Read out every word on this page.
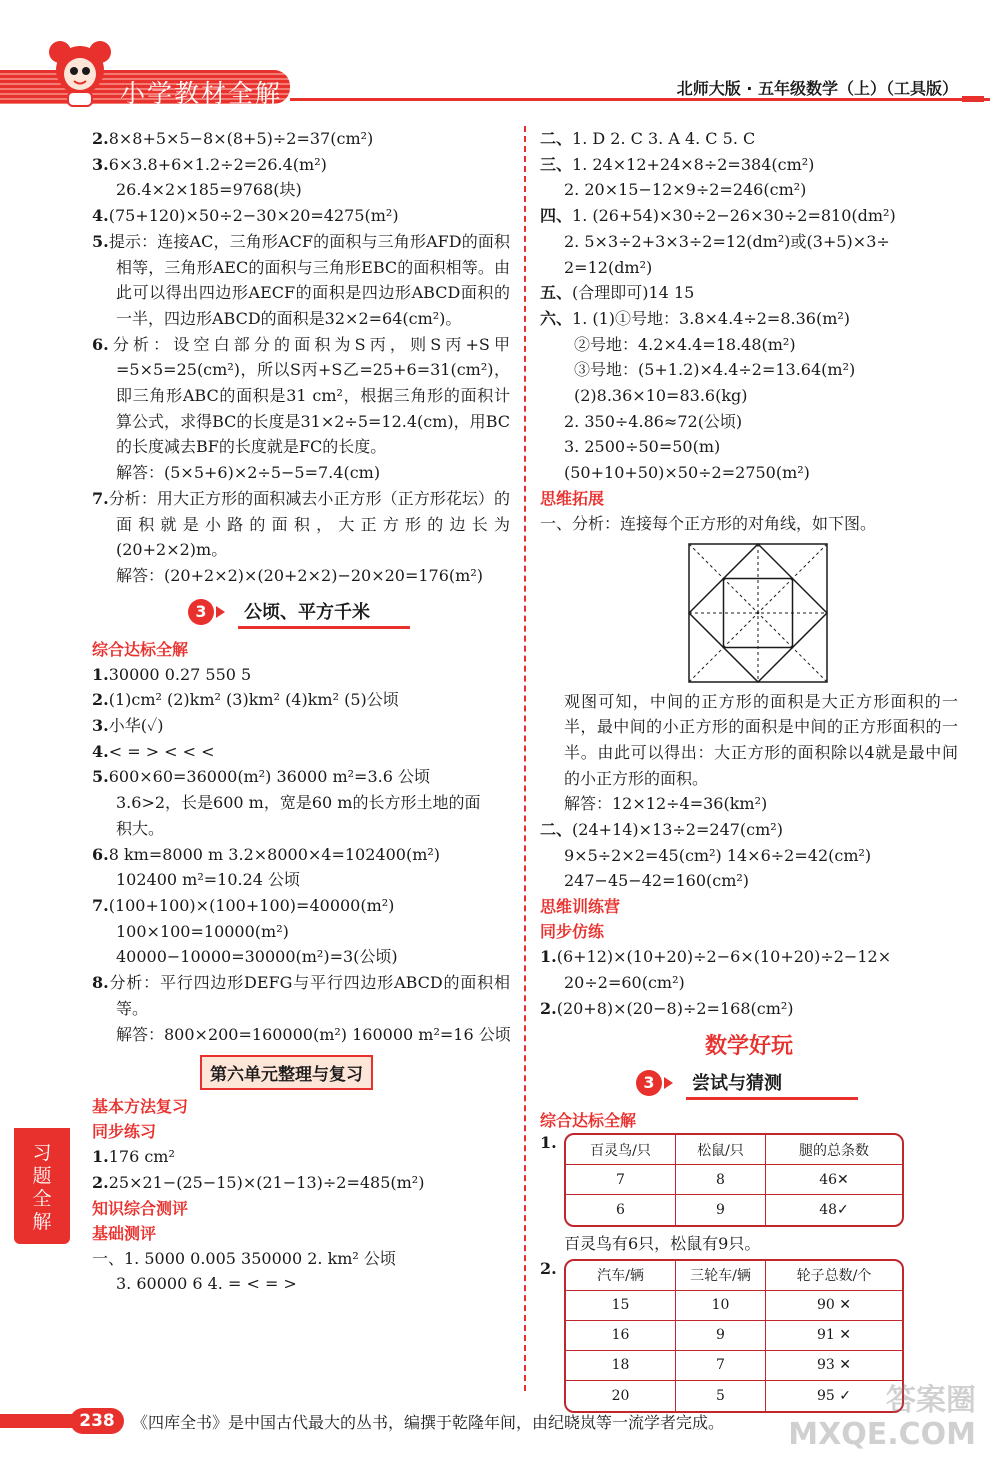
小学教材全解	北师大版 · 五年级数学（上）（工具版）
2.8×8+5×5−8×(8+5)÷2=37(cm²)
3.6×3.8+6×1.2÷2=26.4(m²)
26.4×2×185=9768(块)
4.(75+120)×50÷2−30×20=4275(m²)
5.提示：连接AC，三角形ACF的面积与三角形AFD的面积相等，三角形AEC的面积与三角形EBC的面积相等。由此可以得出四边形AECF的面积是四边形ABCD面积的一半，四边形ABCD的面积是32×2=64(cm²)。
6.分析：设空白部分的面积为S丙，则S丙+S甲=5×5=25(cm²)，所以S丙+S乙=25+6=31(cm²)，即三角形ABC的面积是31 cm²，根据三角形的面积计算公式，求得BC的长度是31×2÷5=12.4(cm)，用BC的长度减去BF的长度就是FC的长度。
解答：(5×5+6)×2÷5−5=7.4(cm)
7.分析：用大正方形的面积减去小正方形（正方形花坛）的面积就是小路的面积，大正方形的边长为(20+2×2)m。
解答：(20+2×2)×(20+2×2)−20×20=176(m²)
3	公顷、平方千米
综合达标全解
1.30000 0.27 550 5
2.(1)cm² (2)km² (3)km² (4)km² (5)公顷
3.小华(✓)
4.< = > < < <
5.600×60=36000(m²) 36000 m²=3.6 公顷
3.6>2，长是600 m，宽是60 m的长方形土地的面
积大。
6.8 km=8000 m 3.2×8000×4=102400(m²)
102400 m²=10.24 公顷
7.(100+100)×(100+100)=40000(m²)
100×100=10000(m²)
40000−10000=30000(m²)=3(公顷)
8.分析：平行四边形DEFG与平行四边形ABCD的面积相等。
解答：800×200=160000(m²) 160000 m²=16 公顷
第六单元整理与复习
基本方法复习
同步练习
1.176 cm²
2.25×21−(25−15)×(21−13)÷2=485(m²)
知识综合测评
基础测评
一、1. 5000 0.005 350000 2. km² 公顷
3. 60000 6 4. = < = >
二、1. D 2. C 3. A 4. C 5. C
三、1. 24×12+24×8÷2=384(cm²)
2. 20×15−12×9÷2=246(cm²)
四、1. (26+54)×30÷2−26×30÷2=810(dm²)
2. 5×3÷2+3×3÷2=12(dm²)或(3+5)×3÷
2=12(dm²)
五、(合理即可)14 15
六、1. (1)①号地：3.8×4.4÷2=8.36(m²)
②号地：4.2×4.4=18.48(m²)
③号地：(5+1.2)×4.4÷2=13.64(m²)
(2)8.36×10=83.6(kg)
2. 350÷4.86≈72(公顷)
3. 2500÷50=50(m)
(50+10+50)×50÷2=2750(m²)
思维拓展
一、分析：连接每个正方形的对角线，如下图。
观图可知，中间的正方形的面积是大正方形面积的一半，最中间的小正方形的面积是中间的正方形面积的一半。由此可以得出：大正方形的面积除以4就是最中间的小正方形的面积。
解答：12×12÷4=36(km²)
二、(24+14)×13÷2=247(cm²)
9×5÷2×2=45(cm²) 14×6÷2=42(cm²)
247−45−42=160(cm²)
思维训练营
同步仿练
1.(6+12)×(10+20)÷2−6×(10+20)÷2−12×
20÷2=60(cm²)
2.(20+8)×(20−8)÷2=168(cm²)
数学好玩
3	尝试与猜测
综合达标全解
1. 百灵鸟/只	松鼠/只	腿的总条数
7	8	46✕
6	9	48✓
百灵鸟有6只，松鼠有9只。
2.	汽车/辆	三轮车/辆	轮子总数/个
15	10	90 ✕
16	9	91 ✕
18	7	93 ✕
20	5	95 ✓
习题全解
238	《四库全书》是中国古代最大的丛书，编撰于乾隆年间，由纪晓岚等一流学者完成。
答案圈
MXQE.COM
